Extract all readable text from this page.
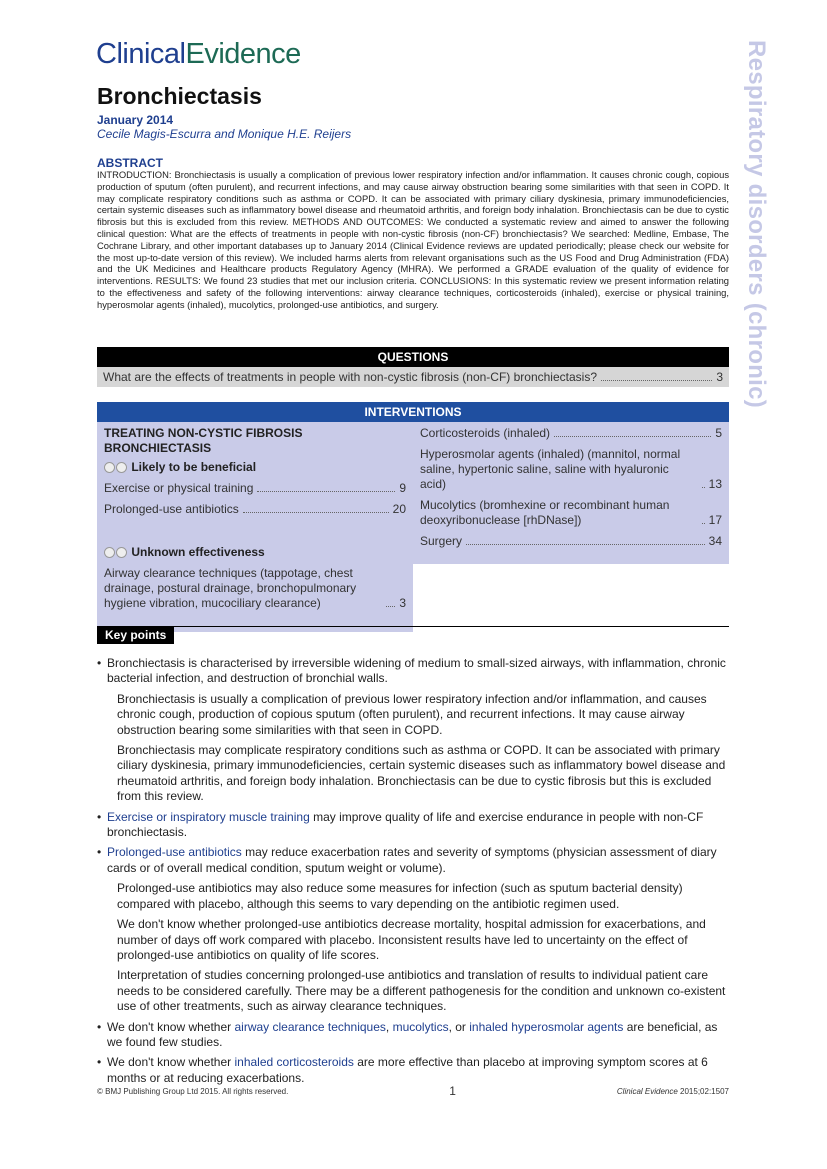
ClinicalEvidence	Respiratory disorders (chronic)
Bronchiectasis
January 2014
Cecile Magis-Escurra and Monique H.E. Reijers
ABSTRACT
INTRODUCTION: Bronchiectasis is usually a complication of previous lower respiratory infection and/or inflammation. It causes chronic cough, copious production of sputum (often purulent), and recurrent infections, and may cause airway obstruction bearing some similarities with that seen in COPD. It may complicate respiratory conditions such as asthma or COPD. It can be associated with primary ciliary dyskinesia, primary immunodeficiencies, certain systemic diseases such as inflammatory bowel disease and rheumatoid arthritis, and foreign body inhalation. Bronchiectasis can be due to cystic fibrosis but this is excluded from this review. METHODS AND OUTCOMES: We conducted a systematic review and aimed to answer the following clinical question: What are the effects of treatments in people with non-cystic fibrosis (non-CF) bronchiectasis? We searched: Medline, Embase, The Cochrane Library, and other important databases up to January 2014 (Clinical Evidence reviews are updated periodically; please check our website for the most up-to-date version of this review). We included harms alerts from relevant organisations such as the US Food and Drug Administration (FDA) and the UK Medicines and Healthcare products Regulatory Agency (MHRA). We performed a GRADE evaluation of the quality of evidence for interventions. RESULTS: We found 23 studies that met our inclusion criteria. CONCLUSIONS: In this systematic review we present information relating to the effectiveness and safety of the following interventions: airway clearance techniques, corticosteroids (inhaled), exercise or physical training, hyperosmolar agents (inhaled), mucolytics, prolonged-use antibiotics, and surgery.
QUESTIONS
What are the effects of treatments in people with non-cystic fibrosis (non-CF) bronchiectasis?	3
INTERVENTIONS
TREATING NON-CYSTIC FIBROSIS BRONCHIECTASIS

Likely to be beneficial
Exercise or physical training	9
Prolonged-use antibiotics	20

Unknown effectiveness
Airway clearance techniques (tappotage, chest drainage, postural drainage, bronchopulmonary hygiene vibration, mucociliary clearance)	3
Corticosteroids (inhaled)	5
Hyperosmolar agents (inhaled) (mannitol, normal saline, hypertonic saline, saline with hyaluronic acid)	13
Mucolytics (bromhexine or recombinant human deoxyribonuclease [rhDNase])	17
Surgery	34
Key points
• Bronchiectasis is characterised by irreversible widening of medium to small-sized airways, with inflammation, chronic bacterial infection, and destruction of bronchial walls.
Bronchiectasis is usually a complication of previous lower respiratory infection and/or inflammation, and causes chronic cough, production of copious sputum (often purulent), and recurrent infections. It may cause airway obstruction bearing some similarities with that seen in COPD.
Bronchiectasis may complicate respiratory conditions such as asthma or COPD. It can be associated with primary ciliary dyskinesia, primary immunodeficiencies, certain systemic diseases such as inflammatory bowel disease and rheumatoid arthritis, and foreign body inhalation. Bronchiectasis can be due to cystic fibrosis but this is excluded from this review.
• Exercise or inspiratory muscle training may improve quality of life and exercise endurance in people with non-CF bronchiectasis.
• Prolonged-use antibiotics may reduce exacerbation rates and severity of symptoms (physician assessment of diary cards or of overall medical condition, sputum weight or volume).
Prolonged-use antibiotics may also reduce some measures for infection (such as sputum bacterial density) compared with placebo, although this seems to vary depending on the antibiotic regimen used.
We don't know whether prolonged-use antibiotics decrease mortality, hospital admission for exacerbations, and number of days off work compared with placebo. Inconsistent results have led to uncertainty on the effect of prolonged-use antibiotics on quality of life scores.
Interpretation of studies concerning prolonged-use antibiotics and translation of results to individual patient care needs to be considered carefully. There may be a different pathogenesis for the condition and unknown co-existent use of other treatments, such as airway clearance techniques.
• We don't know whether airway clearance techniques, mucolytics, or inhaled hyperosmolar agents are beneficial, as we found few studies.
• We don't know whether inhaled corticosteroids are more effective than placebo at improving symptom scores at 6 months or at reducing exacerbations.
© BMJ Publishing Group Ltd 2015. All rights reserved.	1	Clinical Evidence 2015;02:1507
